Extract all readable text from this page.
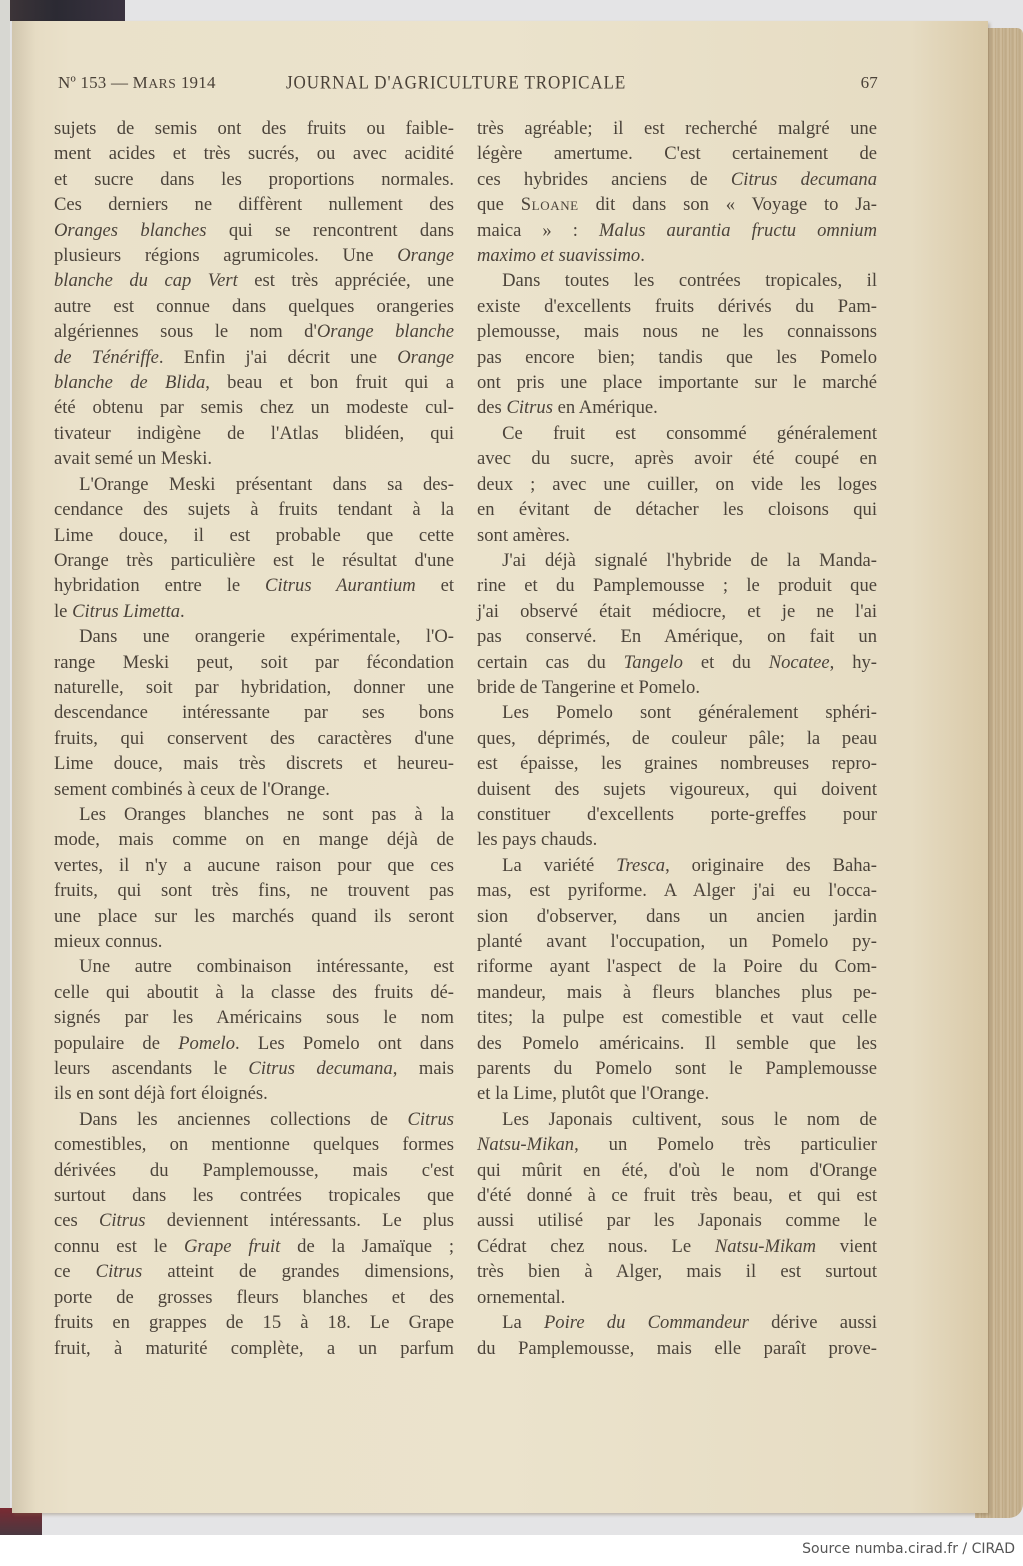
Nº 153 — MARS 1914	JOURNAL D'AGRICULTURE TROPICALE	67
sujets de semis ont des fruits ou faible-
ment acides et très sucrés, ou avec acidité
et sucre dans les proportions normales.
Ces derniers ne diffèrent nullement des
Oranges blanches qui se rencontrent dans
plusieurs régions agrumicoles. Une Orange
blanche du cap Vert est très appréciée, une
autre est connue dans quelques orangeries
algériennes sous le nom d'Orange blanche
de Ténériffe. Enfin j'ai décrit une Orange
blanche de Blida, beau et bon fruit qui a
été obtenu par semis chez un modeste cul-
tivateur indigène de l'Atlas blidéen, qui
avait semé un Meski.
L'Orange Meski présentant dans sa des-
cendance des sujets à fruits tendant à la
Lime douce, il est probable que cette
Orange très particulière est le résultat d'une
hybridation entre le Citrus Aurantium et
le Citrus Limetta.
Dans une orangerie expérimentale, l'O-
range Meski peut, soit par fécondation
naturelle, soit par hybridation, donner une
descendance intéressante par ses bons
fruits, qui conservent des caractères d'une
Lime douce, mais très discrets et heureu-
sement combinés à ceux de l'Orange.
Les Oranges blanches ne sont pas à la
mode, mais comme on en mange déjà de
vertes, il n'y a aucune raison pour que ces
fruits, qui sont très fins, ne trouvent pas
une place sur les marchés quand ils seront
mieux connus.
Une autre combinaison intéressante, est
celle qui aboutit à la classe des fruits dé-
signés par les Américains sous le nom
populaire de Pomelo. Les Pomelo ont dans
leurs ascendants le Citrus decumana, mais
ils en sont déjà fort éloignés.
Dans les anciennes collections de Citrus
comestibles, on mentionne quelques formes
dérivées du Pamplemousse, mais c'est
surtout dans les contrées tropicales que
ces Citrus deviennent intéressants. Le plus
connu est le Grape fruit de la Jamaïque ;
ce Citrus atteint de grandes dimensions,
porte de grosses fleurs blanches et des
fruits en grappes de 15 à 18. Le Grape
fruit, à maturité complète, a un parfum
très agréable; il est recherché malgré une
légère amertume. C'est certainement de
ces hybrides anciens de Citrus decumana
que Sloane dit dans son « Voyage to Ja-
maica » : Malus aurantia fructu omnium
maximo et suavissimo.
Dans toutes les contrées tropicales, il
existe d'excellents fruits dérivés du Pam-
plemousse, mais nous ne les connaissons
pas encore bien; tandis que les Pomelo
ont pris une place importante sur le marché
des Citrus en Amérique.
Ce fruit est consommé généralement
avec du sucre, après avoir été coupé en
deux ; avec une cuiller, on vide les loges
en évitant de détacher les cloisons qui
sont amères.
J'ai déjà signalé l'hybride de la Manda-
rine et du Pamplemousse ; le produit que
j'ai observé était médiocre, et je ne l'ai
pas conservé. En Amérique, on fait un
certain cas du Tangelo et du Nocatee, hy-
bride de Tangerine et Pomelo.
Les Pomelo sont généralement sphéri-
ques, déprimés, de couleur pâle; la peau
est épaisse, les graines nombreuses repro-
duisent des sujets vigoureux, qui doivent
constituer d'excellents porte-greffes pour
les pays chauds.
La variété Tresca, originaire des Baha-
mas, est pyriforme. A Alger j'ai eu l'occa-
sion d'observer, dans un ancien jardin
planté avant l'occupation, un Pomelo py-
riforme ayant l'aspect de la Poire du Com-
mandeur, mais à fleurs blanches plus pe-
tites; la pulpe est comestible et vaut celle
des Pomelo américains. Il semble que les
parents du Pomelo sont le Pamplemousse
et la Lime, plutôt que l'Orange.
Les Japonais cultivent, sous le nom de
Natsu-Mikan, un Pomelo très particulier
qui mûrit en été, d'où le nom d'Orange
d'été donné à ce fruit très beau, et qui est
aussi utilisé par les Japonais comme le
Cédrat chez nous. Le Natsu-Mikam vient
très bien à Alger, mais il est surtout
ornemental.
La Poire du Commandeur dérive aussi
du Pamplemousse, mais elle paraît prove-
Source numba.cirad.fr / CIRAD
